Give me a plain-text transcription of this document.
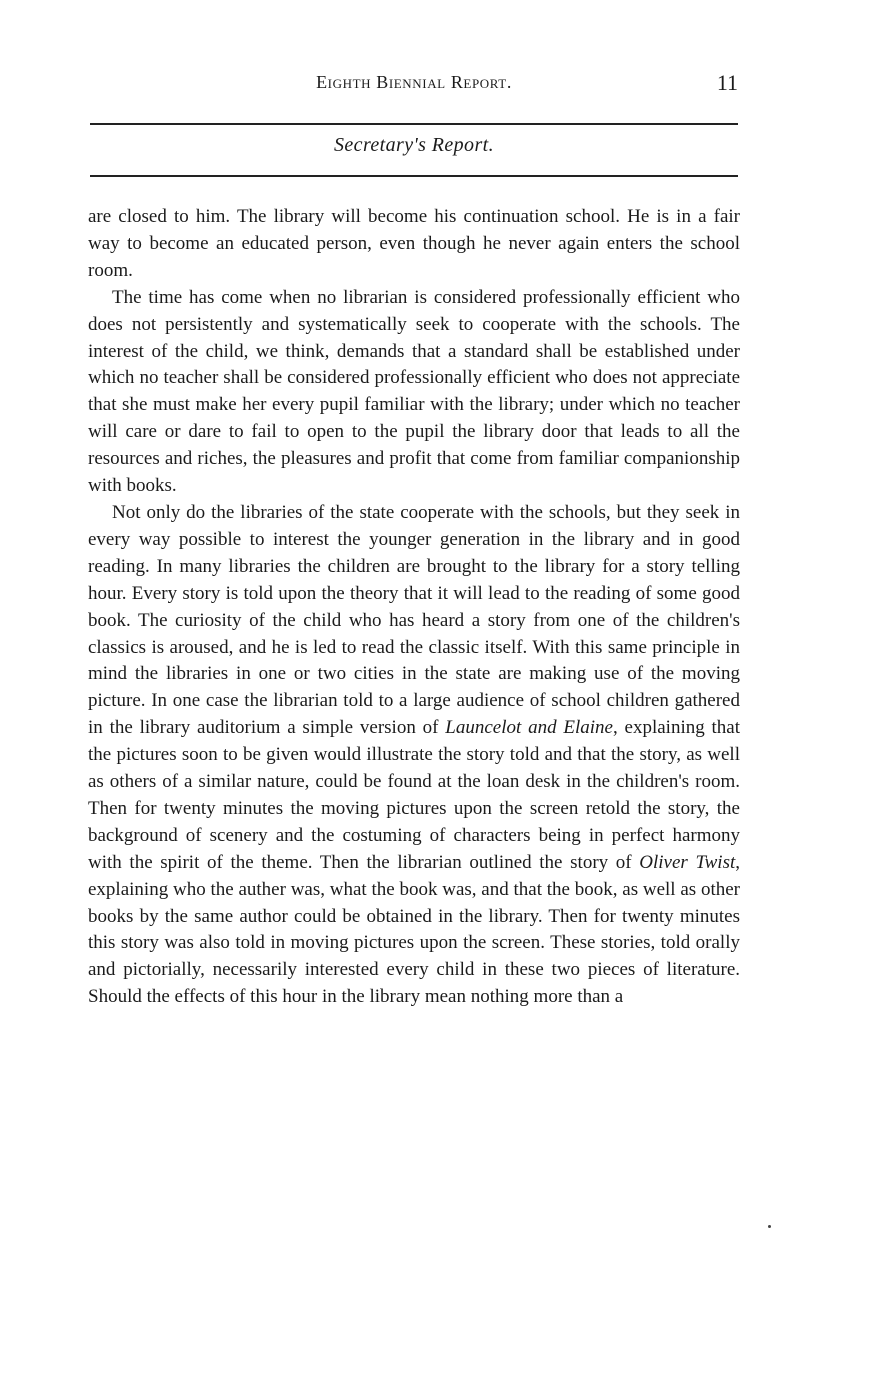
Eighth Biennial Report.	11
Secretary's Report.

are closed to him. The library will become his continuation school. He is in a fair way to become an educated person, even though he never again enters the school room.

The time has come when no librarian is considered professionally efficient who does not persistently and systematically seek to cooperate with the schools. The interest of the child, we think, demands that a standard shall be established under which no teacher shall be considered professionally efficient who does not appreciate that she must make her every pupil familiar with the library; under which no teacher will care or dare to fail to open to the pupil the library door that leads to all the resources and riches, the pleasures and profit that come from familiar companionship with books.

Not only do the libraries of the state cooperate with the schools, but they seek in every way possible to interest the younger generation in the library and in good reading. In many libraries the children are brought to the library for a story telling hour. Every story is told upon the theory that it will lead to the reading of some good book. The curiosity of the child who has heard a story from one of the children's classics is aroused, and he is led to read the classic itself. With this same principle in mind the libraries in one or two cities in the state are making use of the moving picture. In one case the librarian told to a large audience of school children gathered in the library auditorium a simple version of Launcelot and Elaine, explaining that the pictures soon to be given would illustrate the story told and that the story, as well as others of a similar nature, could be found at the loan desk in the children's room. Then for twenty minutes the moving pictures upon the screen retold the story, the background of scenery and the costuming of characters being in perfect harmony with the spirit of the theme. Then the librarian outlined the story of Oliver Twist, explaining who the auther was, what the book was, and that the book, as well as other books by the same author could be obtained in the library. Then for twenty minutes this story was also told in moving pictures upon the screen. These stories, told orally and pictorially, necessarily interested every child in these two pieces of literature. Should the effects of this hour in the library mean nothing more than a
